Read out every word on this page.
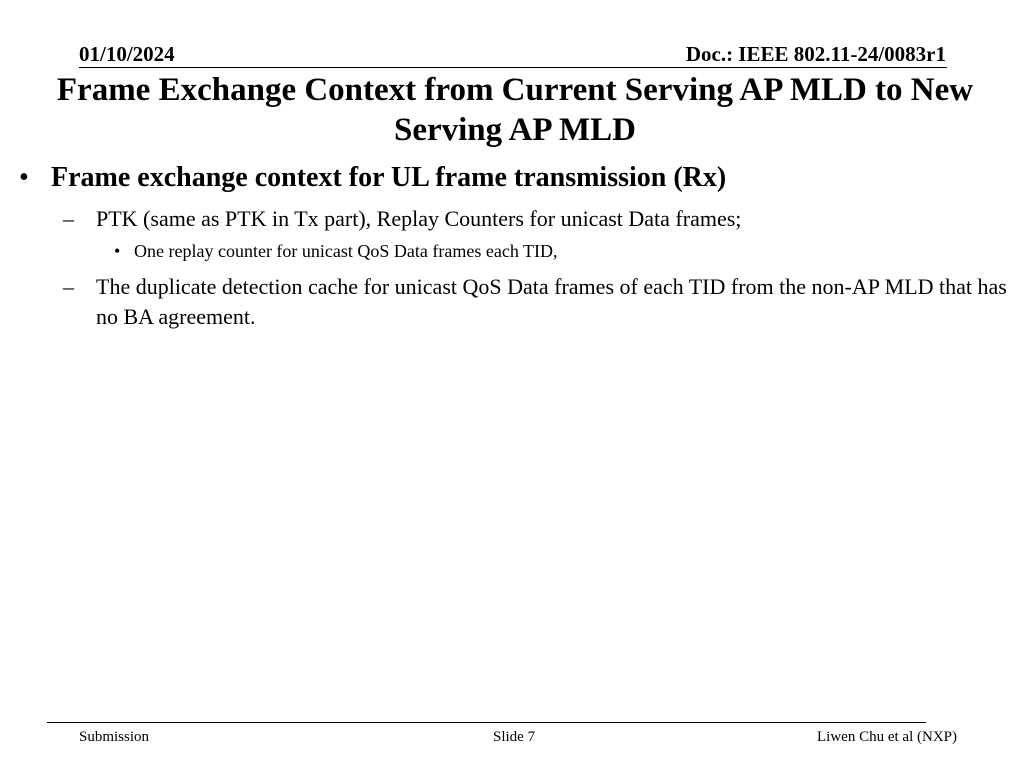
01/10/2024	Doc.: IEEE 802.11-24/0083r1
Frame Exchange Context from Current Serving AP MLD to New Serving AP MLD
• Frame exchange context for UL frame transmission (Rx)
– PTK (same as PTK in Tx part), Replay Counters for unicast Data frames;
• One replay counter for unicast QoS Data frames each TID,
– The duplicate detection cache for unicast QoS Data frames of each TID from the non-AP MLD that has no BA agreement.
Submission	Slide 7	Liwen Chu et al (NXP)
